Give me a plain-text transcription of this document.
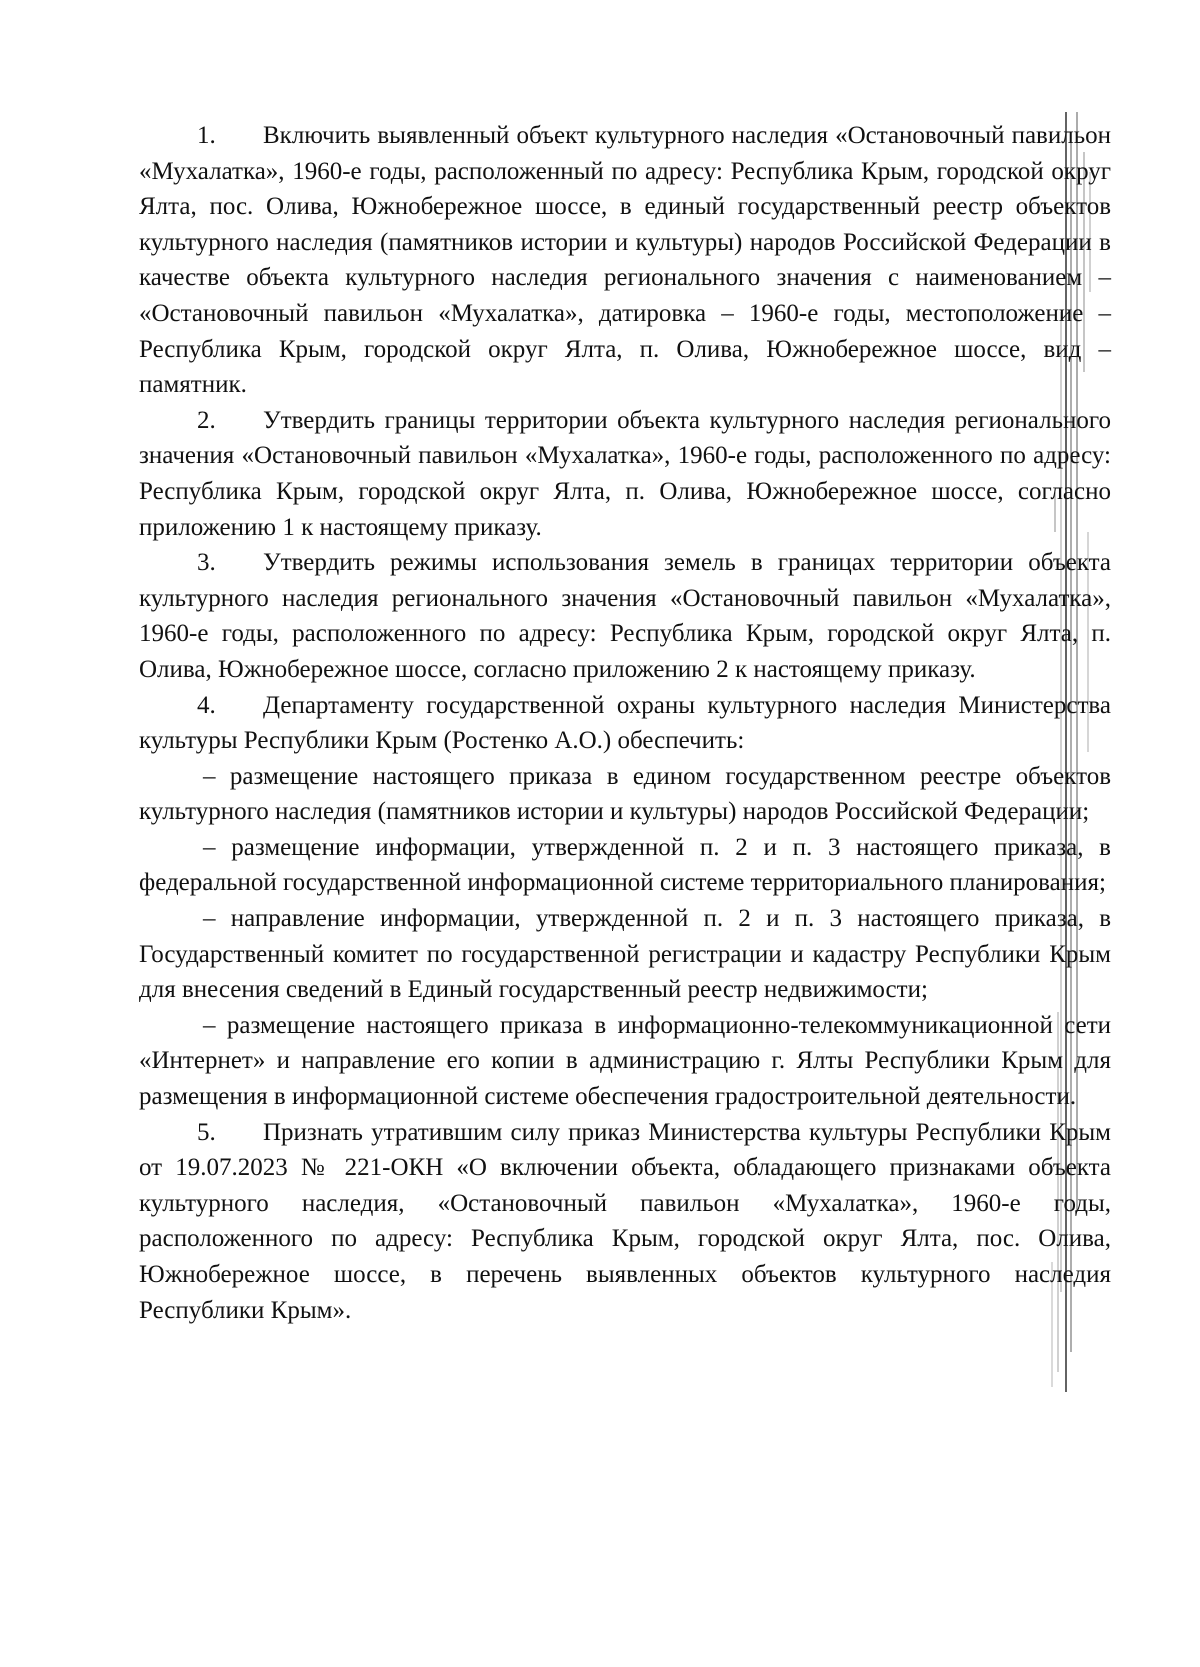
1. Включить выявленный объект культурного наследия «Остановочный павильон «Мухалатка», 1960-е годы, расположенный по адресу: Республика Крым, городской округ Ялта, пос. Олива, Южнобережное шоссе, в единый государственный реестр объектов культурного наследия (памятников истории и культуры) народов Российской Федерации в качестве объекта культурного наследия регионального значения с наименованием – «Остановочный павильон «Мухалатка», датировка – 1960-е годы, местоположение – Республика Крым, городской округ Ялта, п. Олива, Южнобережное шоссе, вид – памятник.

2. Утвердить границы территории объекта культурного наследия регионального значения «Остановочный павильон «Мухалатка», 1960-е годы, расположенного по адресу: Республика Крым, городской округ Ялта, п. Олива, Южнобережное шоссе, согласно приложению 1 к настоящему приказу.

3. Утвердить режимы использования земель в границах территории объекта культурного наследия регионального значения «Остановочный павильон «Мухалатка», 1960-е годы, расположенного по адресу: Республика Крым, городской округ Ялта, п. Олива, Южнобережное шоссе, согласно приложению 2 к настоящему приказу.

4. Департаменту государственной охраны культурного наследия Министерства культуры Республики Крым (Ростенко А.О.) обеспечить:

– размещение настоящего приказа в едином государственном реестре объектов культурного наследия (памятников истории и культуры) народов Российской Федерации;

– размещение информации, утвержденной п. 2 и п. 3 настоящего приказа, в федеральной государственной информационной системе территориального планирования;

– направление информации, утвержденной п. 2 и п. 3 настоящего приказа, в Государственный комитет по государственной регистрации и кадастру Республики Крым для внесения сведений в Единый государственный реестр недвижимости;

– размещение настоящего приказа в информационно-телекоммуникационной сети «Интернет» и направление его копии в администрацию г. Ялты Республики Крым для размещения в информационной системе обеспечения градостроительной деятельности.

5. Признать утратившим силу приказ Министерства культуры Республики Крым от 19.07.2023 № 221-ОКН «О включении объекта, обладающего признаками объекта культурного наследия, «Остановочный павильон «Мухалатка», 1960-е годы, расположенного по адресу: Республика Крым, городской округ Ялта, пос. Олива, Южнобережное шоссе, в перечень выявленных объектов культурного наследия Республики Крым».
